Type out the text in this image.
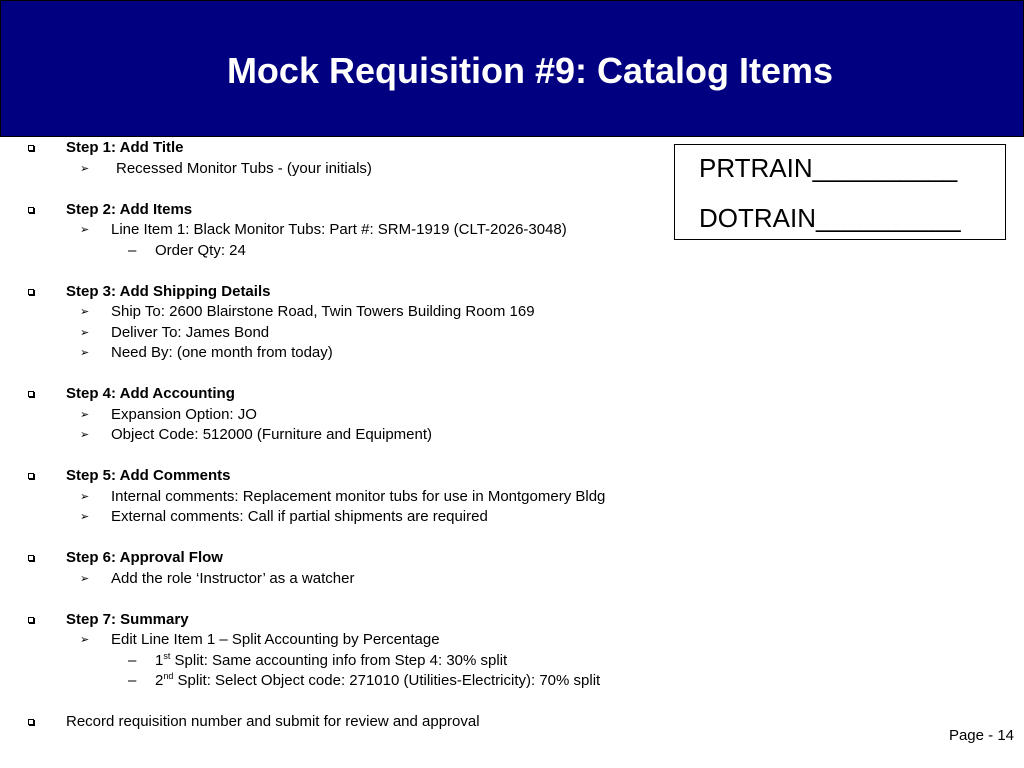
Mock Requisition #9: Catalog Items
Step 1: Add Title
➢ Recessed Monitor Tubs - (your initials)
Step 2: Add Items
➢ Line Item 1: Black Monitor Tubs: Part #: SRM-1919 (CLT-2026-3048)
– Order Qty: 24
Step 3: Add Shipping Details
➢ Ship To: 2600 Blairstone Road, Twin Towers Building Room 169
➢ Deliver To: James Bond
➢ Need By: (one month from today)
Step 4: Add Accounting
➢ Expansion Option: JO
➢ Object Code: 512000 (Furniture and Equipment)
Step 5: Add Comments
➢ Internal comments: Replacement monitor tubs for use in Montgomery Bldg
➢ External comments: Call if partial shipments are required
Step 6: Approval Flow
➢ Add the role ‘Instructor’ as a watcher
Step 7: Summary
➢ Edit Line Item 1 – Split Accounting by Percentage
– 1st Split: Same accounting info from Step 4: 30% split
– 2nd Split: Select Object code: 271010 (Utilities-Electricity): 70% split
Record requisition number and submit for review and approval
PRTRAIN__________
DOTRAIN__________
Page - 14
